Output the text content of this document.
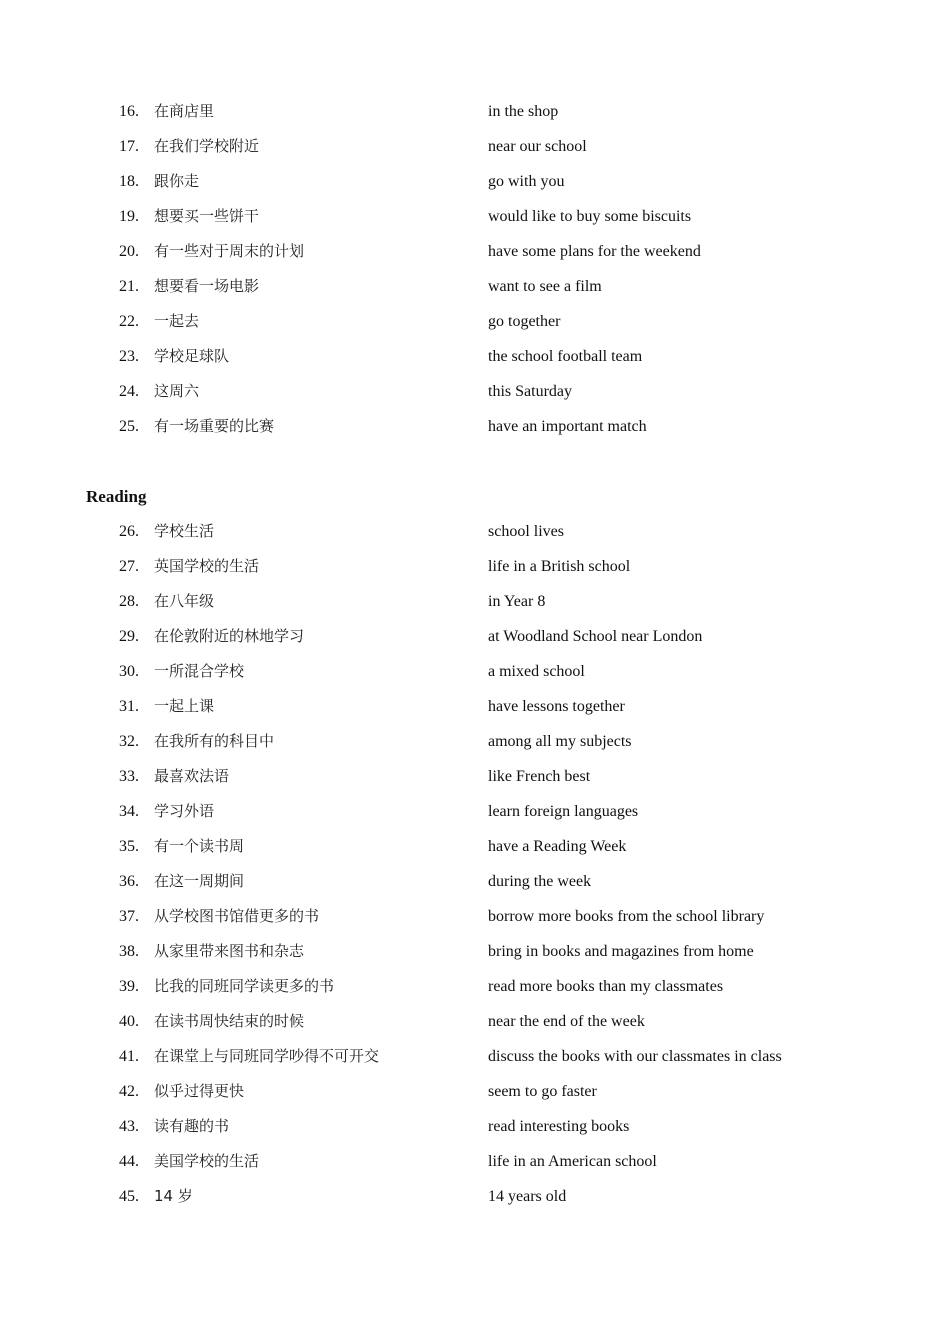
16. 在商店里	in the shop
17. 在我们学校附近	near our school
18. 跟你走	go with you
19. 想要买一些饼干	would like to buy some biscuits
20. 有一些对于周末的计划	have some plans for the weekend
21. 想要看一场电影	want to see a film
22. 一起去	go together
23. 学校足球队	the school football team
24. 这周六	this Saturday
25. 有一场重要的比赛	have an important match
Reading
26. 学校生活	school lives
27. 英国学校的生活	life in a British school
28. 在八年级	in Year 8
29. 在伦敦附近的林地学习	at Woodland School near London
30. 一所混合学校	a mixed school
31. 一起上课	have lessons together
32. 在我所有的科目中	among all my subjects
33. 最喜欢法语	like French best
34. 学习外语	learn foreign languages
35. 有一个读书周	have a Reading Week
36. 在这一周期间	during the week
37. 从学校图书馆借更多的书	borrow more books from the school library
38. 从家里带来图书和杂志	bring in books and magazines from home
39. 比我的同班同学读更多的书	read more books than my classmates
40. 在读书周快结束的时候	near the end of the week
41. 在课堂上与同班同学吵得不可开交	discuss the books with our classmates in class
42. 似乎过得更快	seem to go faster
43. 读有趣的书	read interesting books
44. 美国学校的生活	life in an American school
45. 14 岁	14 years old
